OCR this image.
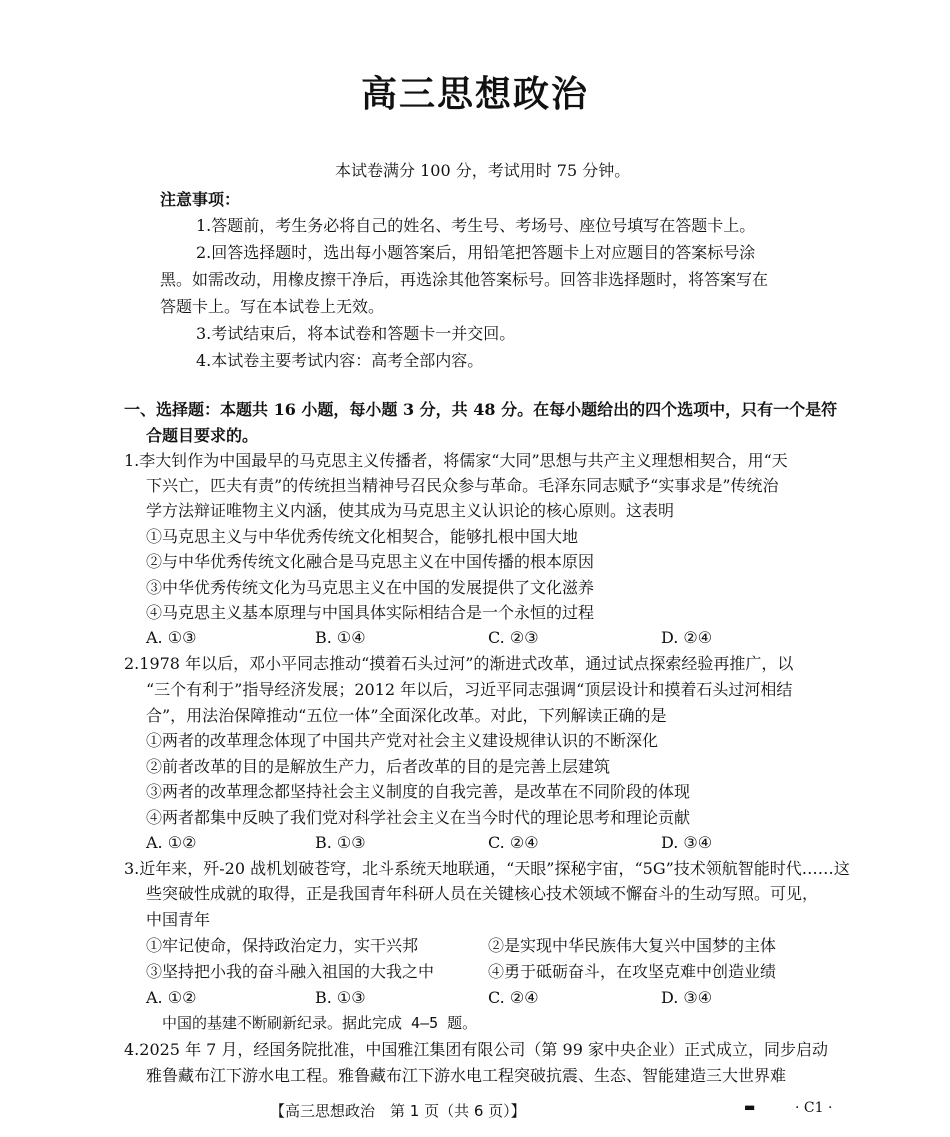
高三思想政治
本试卷满分 100 分，考试用时 75 分钟。
注意事项：
1.答题前，考生务必将自己的姓名、考生号、考场号、座位号填写在答题卡上。
2.回答选择题时，选出每小题答案后，用铅笔把答题卡上对应题目的答案标号涂
黑。如需改动，用橡皮擦干净后，再选涂其他答案标号。回答非选择题时，将答案写在
答题卡上。写在本试卷上无效。
3.考试结束后，将本试卷和答题卡一并交回。
4.本试卷主要考试内容：高考全部内容。
一、选择题：本题共 16 小题，每小题 3 分，共 48 分。在每小题给出的四个选项中，只有一个是符
合题目要求的。
1.李大钊作为中国最早的马克思主义传播者，将儒家“大同”思想与共产主义理想相契合，用“天
下兴亡，匹夫有责”的传统担当精神号召民众参与革命。毛泽东同志赋予“实事求是”传统治
学方法辩证唯物主义内涵，使其成为马克思主义认识论的核心原则。这表明
①马克思主义与中华优秀传统文化相契合，能够扎根中国大地
②与中华优秀传统文化融合是马克思主义在中国传播的根本原因
③中华优秀传统文化为马克思主义在中国的发展提供了文化滋养
④马克思主义基本原理与中国具体实际相结合是一个永恒的过程
A. ①③	B. ①④	C. ②③	D. ②④
2.1978 年以后，邓小平同志推动“摸着石头过河”的渐进式改革，通过试点探索经验再推广，以
“三个有利于”指导经济发展；2012 年以后，习近平同志强调“顶层设计和摸着石头过河相结
合”，用法治保障推动“五位一体”全面深化改革。对此，下列解读正确的是
①两者的改革理念体现了中国共产党对社会主义建设规律认识的不断深化
②前者改革的目的是解放生产力，后者改革的目的是完善上层建筑
③两者的改革理念都坚持社会主义制度的自我完善，是改革在不同阶段的体现
④两者都集中反映了我们党对科学社会主义在当今时代的理论思考和理论贡献
A. ①②	B. ①③	C. ②④	D. ③④
3.近年来，歼-20 战机划破苍穹，北斗系统天地联通，“天眼”探秘宇宙，“5G”技术领航智能时代……这
些突破性成就的取得，正是我国青年科研人员在关键核心技术领域不懈奋斗的生动写照。可见，
中国青年
①牢记使命，保持政治定力，实干兴邦	②是实现中华民族伟大复兴中国梦的主体
③坚持把小我的奋斗融入祖国的大我之中	④勇于砥砺奋斗，在攻坚克难中创造业绩
A. ①②	B. ①③	C. ②④	D. ③④
中国的基建不断刷新纪录。据此完成 4—5 题。
4.2025 年 7 月，经国务院批准，中国雅江集团有限公司（第 99 家中央企业）正式成立，同步启动
雅鲁藏布江下游水电工程。雅鲁藏布江下游水电工程突破抗震、生态、智能建造三大世界难
【高三思想政治　第 1 页（共 6 页）】	▬	· C1 ·
